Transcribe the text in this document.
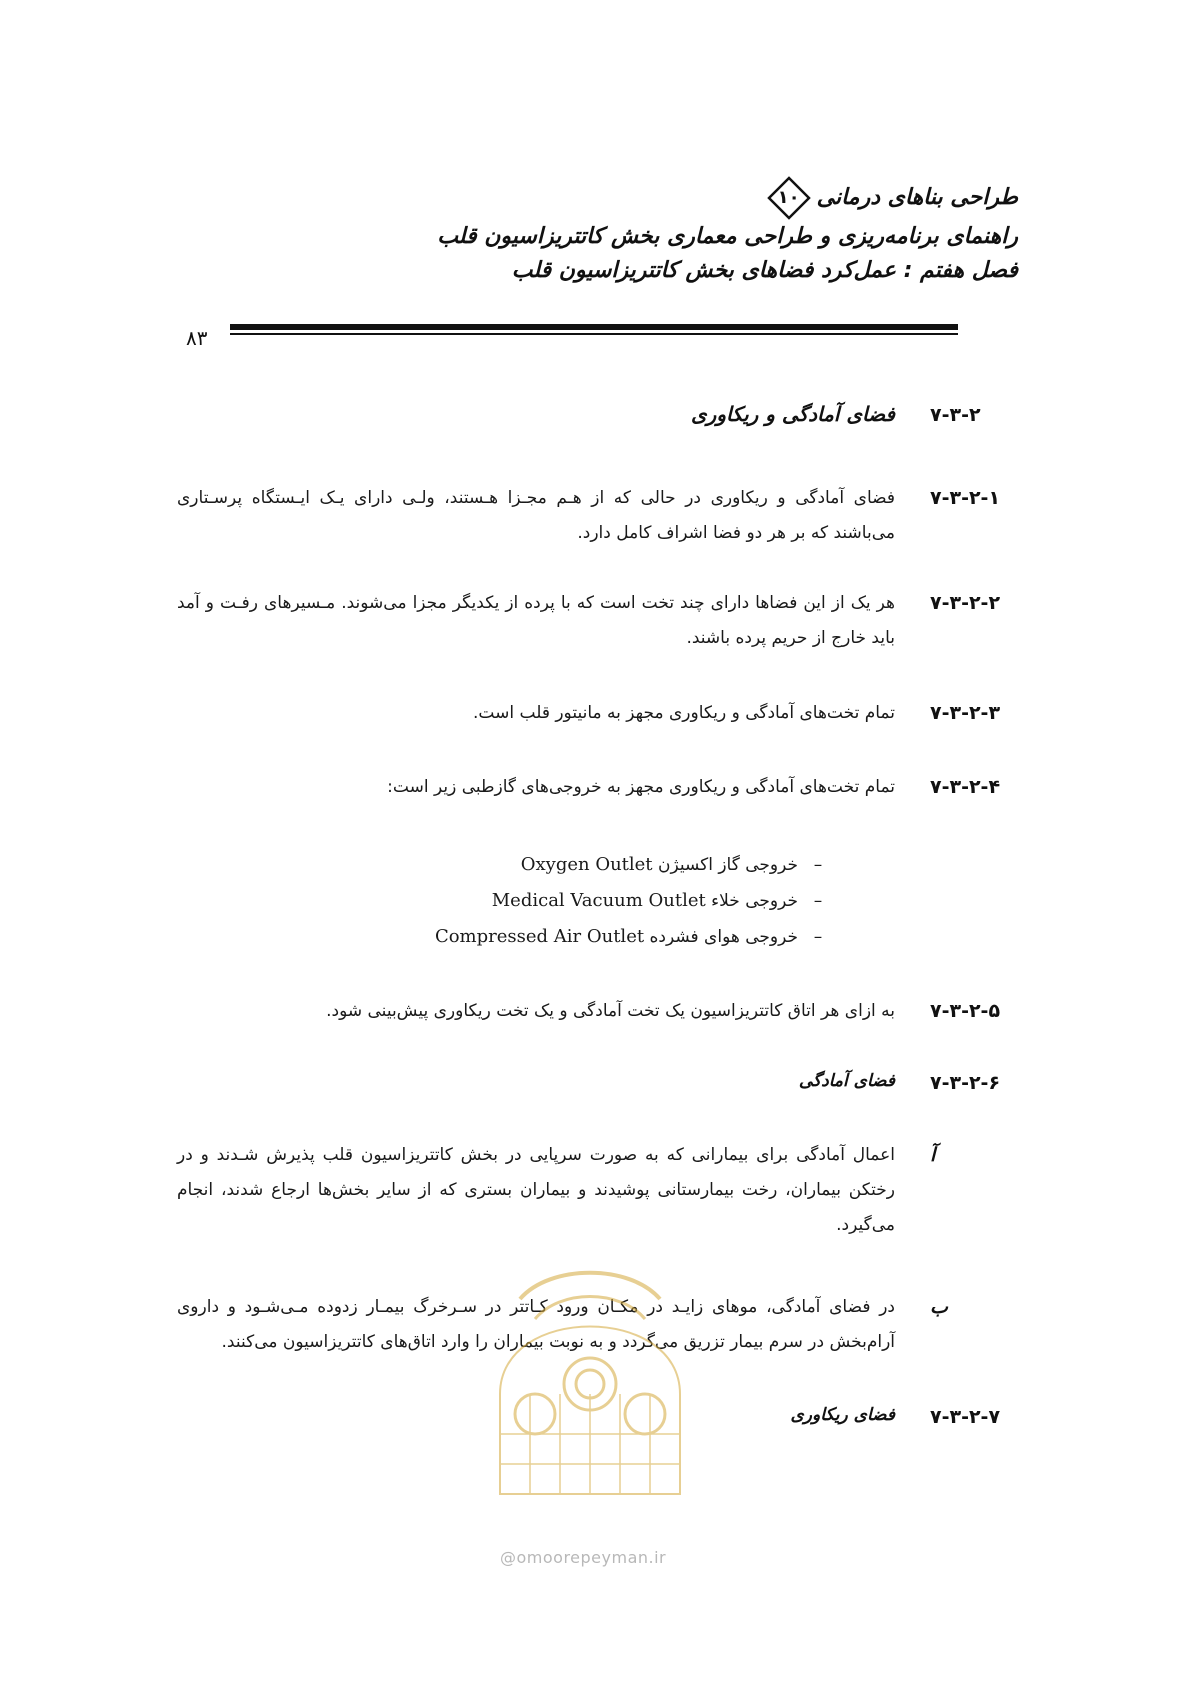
طراحی بناهای درمانی
۱۰
راهنمای برنامه‌ریزی و طراحی معماری بخش کاتتریزاسیون قلب
فصل هفتم : عمل‌کرد فضاهای بخش کاتتریزاسیون قلب
۸۳
۷-۳-۲
فضای آمادگی و ریکاوری
۷-۳-۲-۱
فضای آمادگی و ریکاوری در حالی که از هـم مجـزا هـستند، ولـی دارای یـک ایـستگاه پرسـتاری می‌باشند که بر هر دو فضا اشراف کامل دارد.
۷-۳-۲-۲
هر یک از این فضاها دارای چند تخت است که با پرده از یکدیگر مجزا می‌شوند. مـسیرهای رفـت و آمد باید خارج از حریم پرده باشند.
۷-۳-۲-۳
تمام تخت‌های آمادگی و ریکاوری مجهز به مانیتور قلب است.
۷-۳-۲-۴
تمام تخت‌های آمادگی و ریکاوری مجهز به خروجی‌های گازطبی زیر است:
–خروجی گاز اکسیژن Oxygen Outlet
–خروجی خلاء Medical Vacuum Outlet
–خروجی هوای فشرده Compressed Air Outlet
۷-۳-۲-۵
به ازای هر اتاق کاتتریزاسیون یک تخت آمادگی و یک تخت ریکاوری پیش‌بینی شود.
۷-۳-۲-۶
فضای آمادگی
آ
اعمال آمادگی برای بیمارانی که به صورت سرپایی در بخش کاتتریزاسیون قلب پذیرش شـدند و در رختکن بیماران، رخت بیمارستانی پوشیدند و بیماران بستری که از سایر بخش‌ها ارجاع شدند، انجام می‌گیرد.
ب
در فضای آمادگی، موهای زایـد در مکـان ورود کـاتتر در سـرخرگ بیمـار زدوده مـی‌شـود و داروی آرام‌بخش در سرم بیمار تزریق می‌گردد و به نوبت بیماران را وارد اتاق‌های کاتتریزاسیون می‌کنند.
۷-۳-۲-۷
فضای ریکاوری
@omoorepeyman.ir
